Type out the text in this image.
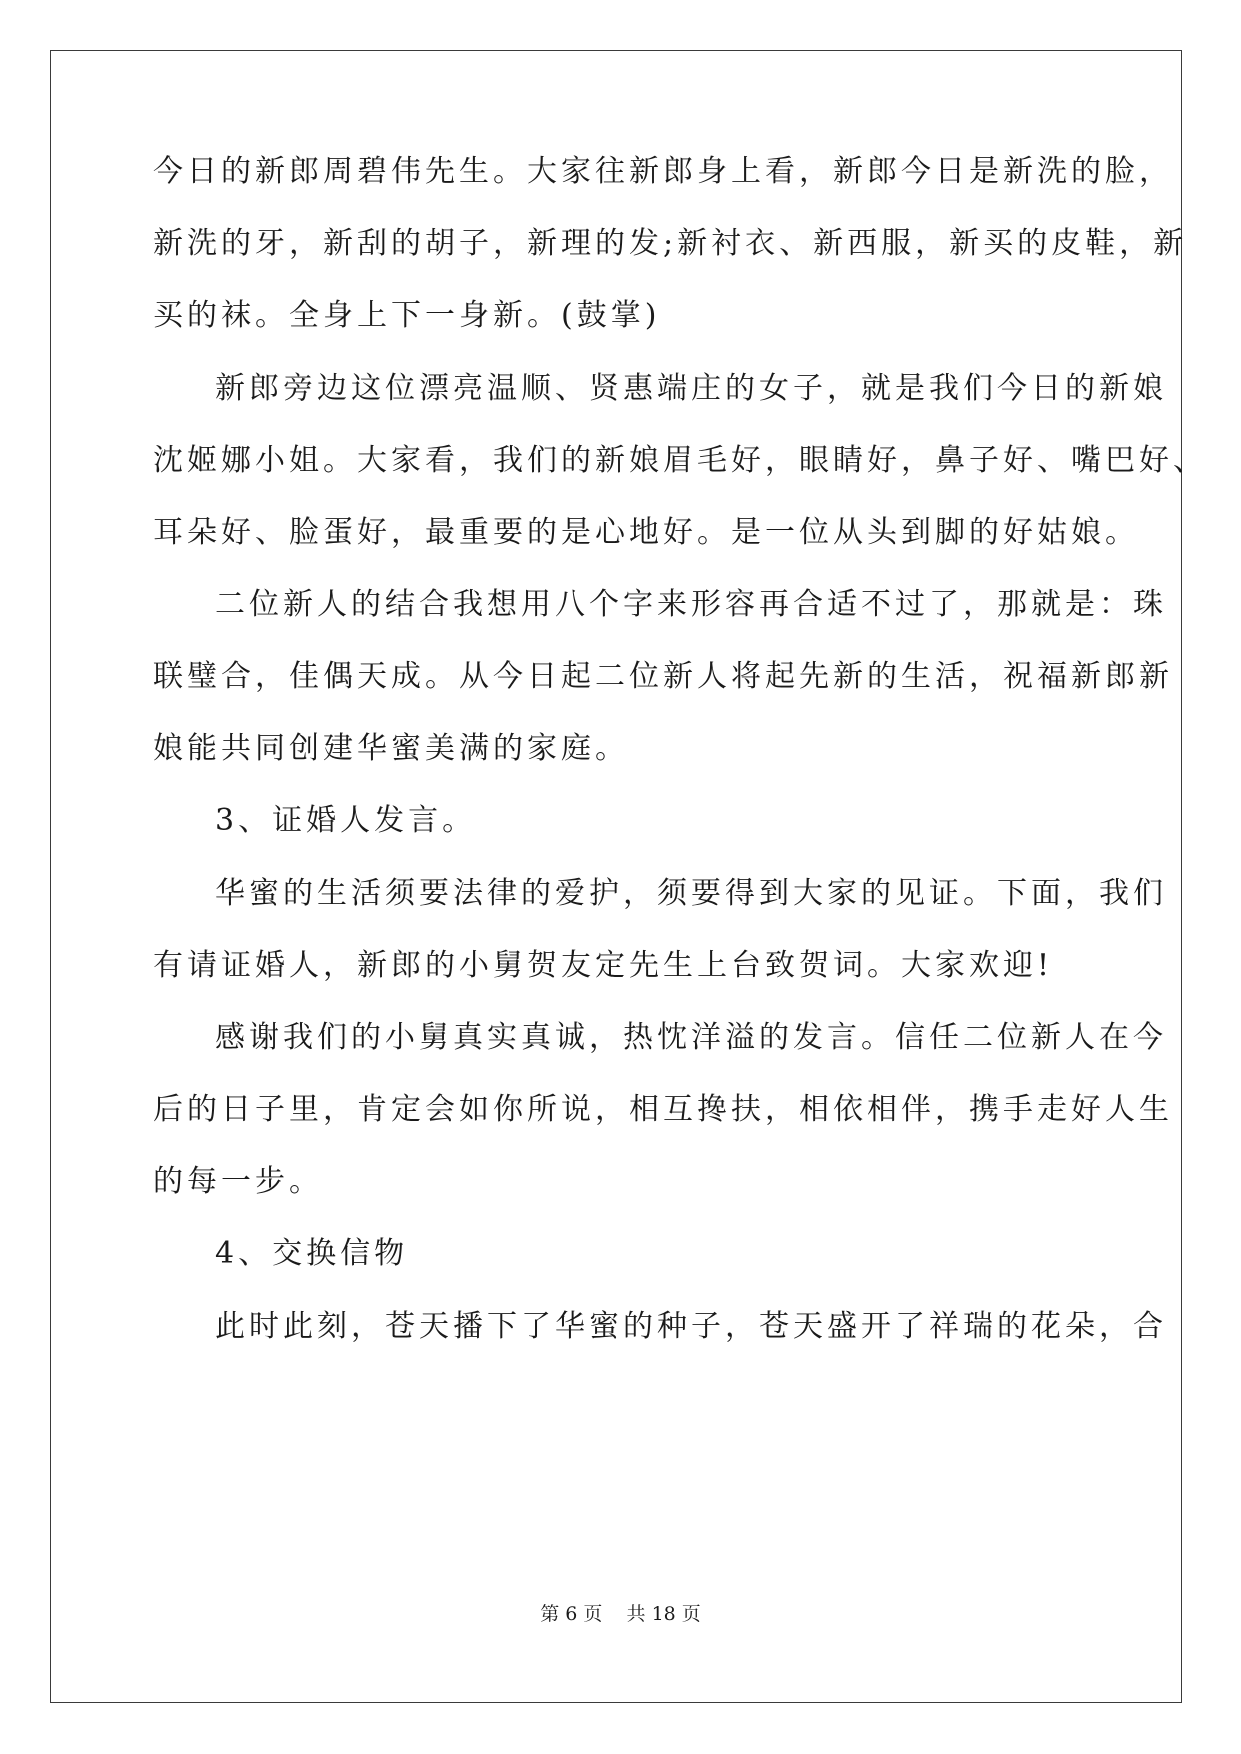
今日的新郎周碧伟先生。大家往新郎身上看，新郎今日是新洗的脸，
新洗的牙，新刮的胡子，新理的发;新衬衣、新西服，新买的皮鞋，新
买的袜。全身上下一身新。(鼓掌)
新郎旁边这位漂亮温顺、贤惠端庄的女子，就是我们今日的新娘
沈姬娜小姐。大家看，我们的新娘眉毛好，眼睛好，鼻子好、嘴巴好、
耳朵好、脸蛋好，最重要的是心地好。是一位从头到脚的好姑娘。
二位新人的结合我想用八个字来形容再合适不过了，那就是：珠
联璧合，佳偶天成。从今日起二位新人将起先新的生活，祝福新郎新
娘能共同创建华蜜美满的家庭。
3、证婚人发言。
华蜜的生活须要法律的爱护，须要得到大家的见证。下面，我们
有请证婚人，新郎的小舅贺友定先生上台致贺词。大家欢迎!
感谢我们的小舅真实真诚，热忱洋溢的发言。信任二位新人在今
后的日子里，肯定会如你所说，相互搀扶，相依相伴，携手走好人生
的每一步。
4、交换信物
此时此刻，苍天播下了华蜜的种子，苍天盛开了祥瑞的花朵，合
第 6 页    共 18 页
